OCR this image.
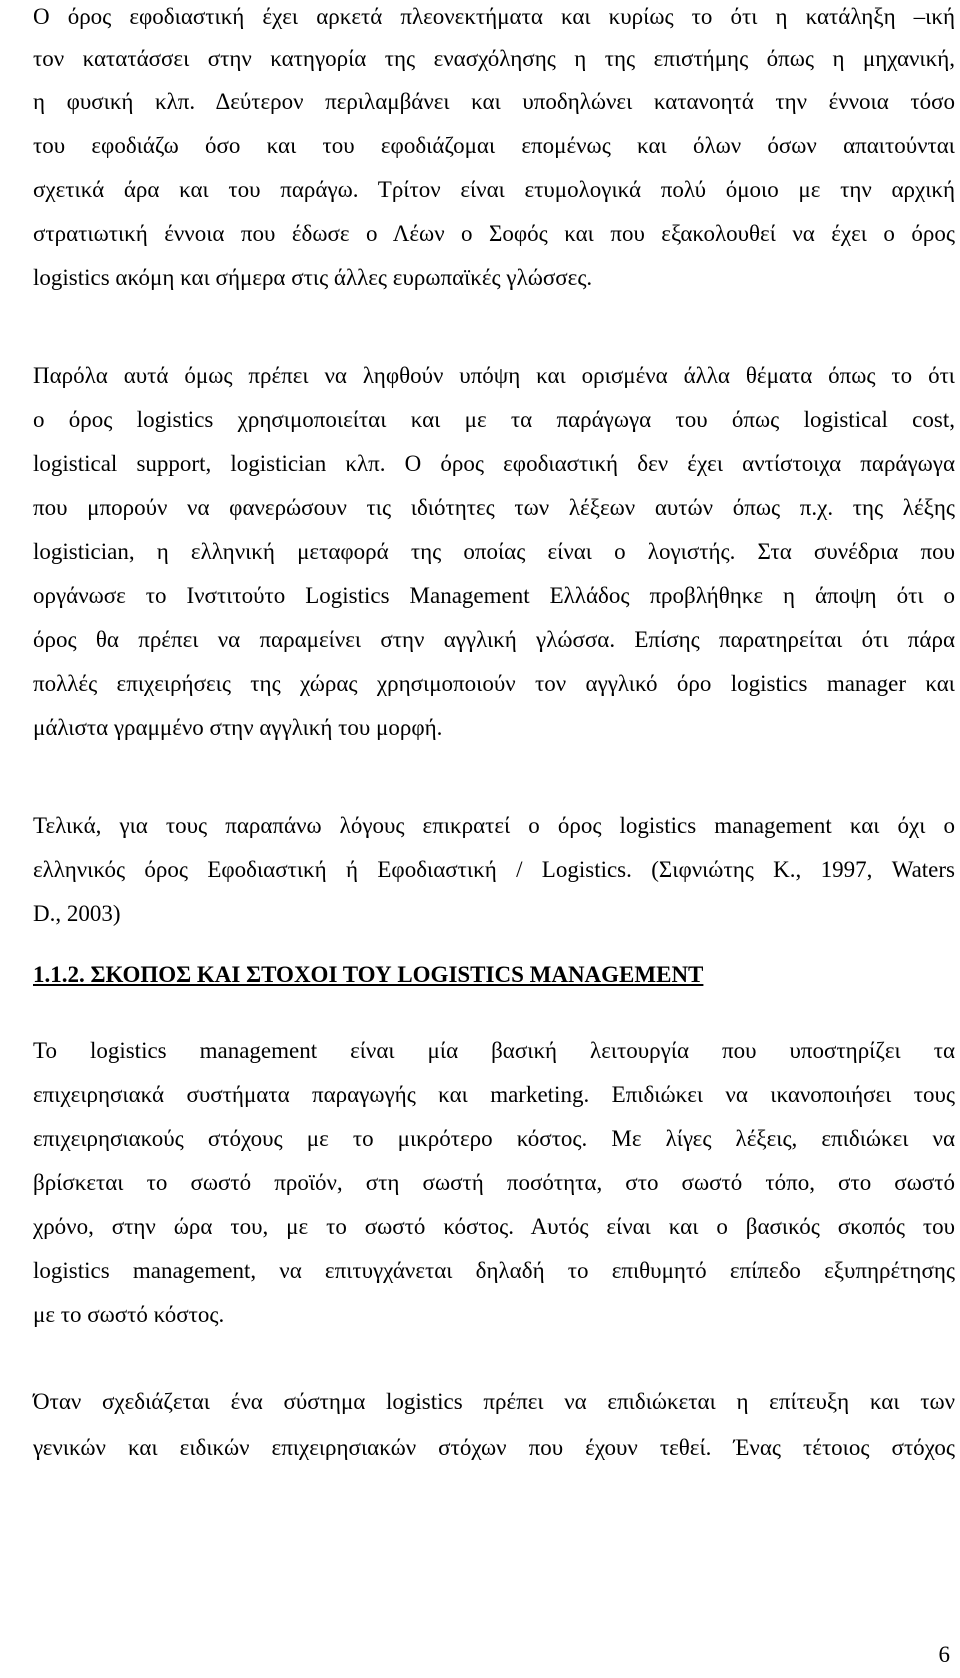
Ο όρος εφοδιαστική έχει αρκετά πλεονεκτήματα και κυρίως το ότι η κατάληξη –ική
τον κατατάσσει στην κατηγορία της ενασχόλησης η της επιστήμης όπως η μηχανική,
η φυσική κλπ. Δεύτερον περιλαμβάνει και υποδηλώνει κατανοητά την έννοια τόσο
του εφοδιάζω όσο και του εφοδιάζομαι επομένως και όλων όσων απαιτούνται
σχετικά άρα και του παράγω. Τρίτον είναι ετυμολογικά πολύ όμοιο με την αρχική
στρατιωτική έννοια που έδωσε ο Λέων ο Σοφός και που εξακολουθεί να έχει ο όρος
logistics ακόμη και σήμερα στις άλλες ευρωπαϊκές γλώσσες.
Παρόλα αυτά όμως πρέπει να ληφθούν υπόψη και ορισμένα άλλα θέματα όπως το ότι
ο όρος logistics χρησιμοποιείται και με τα παράγωγα του όπως logistical cost,
logistical support, logistician κλπ. Ο όρος εφοδιαστική δεν έχει αντίστοιχα παράγωγα
που μπορούν να φανερώσουν τις ιδιότητες των λέξεων αυτών όπως π.χ. της λέξης
logistician, η ελληνική μεταφορά της οποίας είναι ο λογιστής. Στα συνέδρια που
οργάνωσε το Ινστιτούτο Logistics Management Ελλάδος προβλήθηκε η άποψη ότι ο
όρος θα πρέπει να παραμείνει στην αγγλική γλώσσα. Επίσης παρατηρείται ότι πάρα
πολλές επιχειρήσεις της χώρας χρησιμοποιούν τον αγγλικό όρο logistics manager και
μάλιστα γραμμένο στην αγγλική του μορφή.
Τελικά, για τους παραπάνω λόγους επικρατεί ο όρος logistics management και όχι ο
ελληνικός όρος Εφοδιαστική ή Εφοδιαστική / Logistics. (Σιφνιώτης Κ., 1997, Waters
D., 2003)
1.1.2. ΣΚΟΠΟΣ ΚΑΙ ΣΤΟΧΟΙ ΤΟΥ LOGISTICS MANAGEMENT
Το logistics management είναι μία βασική λειτουργία που υποστηρίζει τα
επιχειρησιακά συστήματα παραγωγής και marketing. Επιδιώκει να ικανοποιήσει τους
επιχειρησιακούς στόχους με το μικρότερο κόστος. Με λίγες λέξεις, επιδιώκει να
βρίσκεται το σωστό προϊόν, στη σωστή ποσότητα, στο σωστό τόπο, στο σωστό
χρόνο, στην ώρα του, με το σωστό κόστος. Αυτός είναι και ο βασικός σκοπός του
logistics management, να επιτυγχάνεται δηλαδή το επιθυμητό επίπεδο εξυπηρέτησης
με το σωστό κόστος.
Όταν σχεδιάζεται ένα σύστημα logistics πρέπει να επιδιώκεται η επίτευξη και των
γενικών και ειδικών επιχειρησιακών στόχων που έχουν τεθεί. Ένας τέτοιος στόχος
6
